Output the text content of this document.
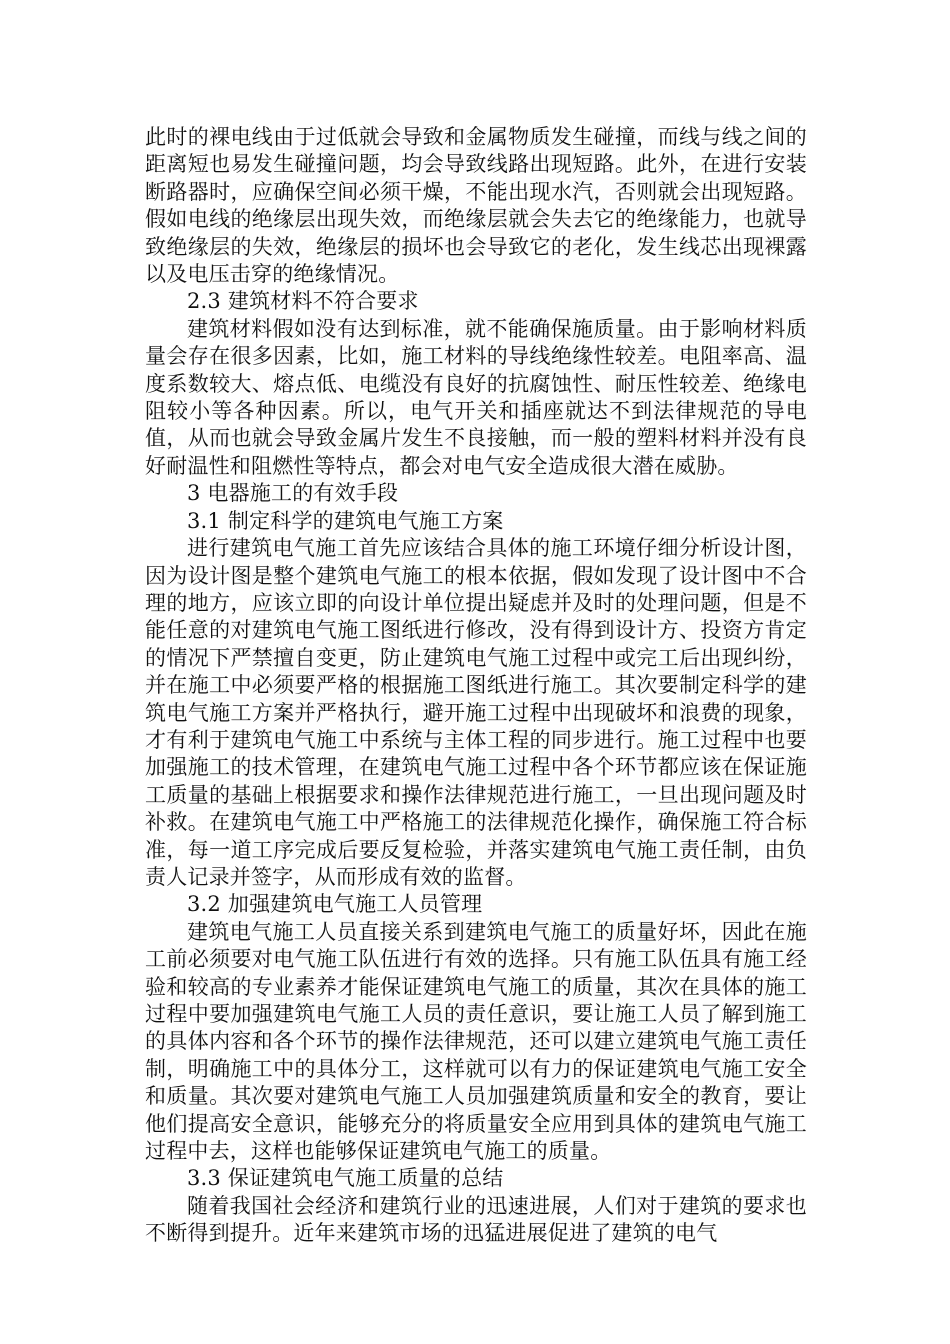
此时的裸电线由于过低就会导致和金属物质发生碰撞，而线与线之间的距离短也易发生碰撞问题，均会导致线路出现短路。此外，在进行安装断路器时，应确保空间必须干燥，不能出现水汽，否则就会出现短路。假如电线的绝缘层出现失效，而绝缘层就会失去它的绝缘能力，也就导致绝缘层的失效，绝缘层的损坏也会导致它的老化，发生线芯出现裸露以及电压击穿的绝缘情况。

2.3 建筑材料不符合要求

建筑材料假如没有达到标准，就不能确保施质量。由于影响材料质量会存在很多因素，比如，施工材料的导线绝缘性较差。电阻率高、温度系数较大、熔点低、电缆没有良好的抗腐蚀性、耐压性较差、绝缘电阻较小等各种因素。所以，电气开关和插座就达不到法律规范的导电值，从而也就会导致金属片发生不良接触，而一般的塑料材料并没有良好耐温性和阻燃性等特点，都会对电气安全造成很大潜在威胁。

3 电器施工的有效手段

3.1 制定科学的建筑电气施工方案

进行建筑电气施工首先应该结合具体的施工环境仔细分析设计图，因为设计图是整个建筑电气施工的根本依据，假如发现了设计图中不合理的地方，应该立即的向设计单位提出疑虑并及时的处理问题，但是不能任意的对建筑电气施工图纸进行修改，没有得到设计方、投资方肯定的情况下严禁擅自变更，防止建筑电气施工过程中或完工后出现纠纷，并在施工中必须要严格的根据施工图纸进行施工。其次要制定科学的建筑电气施工方案并严格执行，避开施工过程中出现破坏和浪费的现象，才有利于建筑电气施工中系统与主体工程的同步进行。施工过程中也要加强施工的技术管理，在建筑电气施工过程中各个环节都应该在保证施工质量的基础上根据要求和操作法律规范进行施工，一旦出现问题及时补救。在建筑电气施工中严格施工的法律规范化操作，确保施工符合标准，每一道工序完成后要反复检验，并落实建筑电气施工责任制，由负责人记录并签字，从而形成有效的监督。

3.2 加强建筑电气施工人员管理

建筑电气施工人员直接关系到建筑电气施工的质量好坏，因此在施工前必须要对电气施工队伍进行有效的选择。只有施工队伍具有施工经验和较高的专业素养才能保证建筑电气施工的质量，其次在具体的施工过程中要加强建筑电气施工人员的责任意识，要让施工人员了解到施工的具体内容和各个环节的操作法律规范，还可以建立建筑电气施工责任制，明确施工中的具体分工，这样就可以有力的保证建筑电气施工安全和质量。其次要对建筑电气施工人员加强建筑质量和安全的教育，要让他们提高安全意识，能够充分的将质量安全应用到具体的建筑电气施工过程中去，这样也能够保证建筑电气施工的质量。

3.3 保证建筑电气施工质量的总结

随着我国社会经济和建筑行业的迅速进展，人们对于建筑的要求也不断得到提升。近年来建筑市场的迅猛进展促进了建筑的电气
